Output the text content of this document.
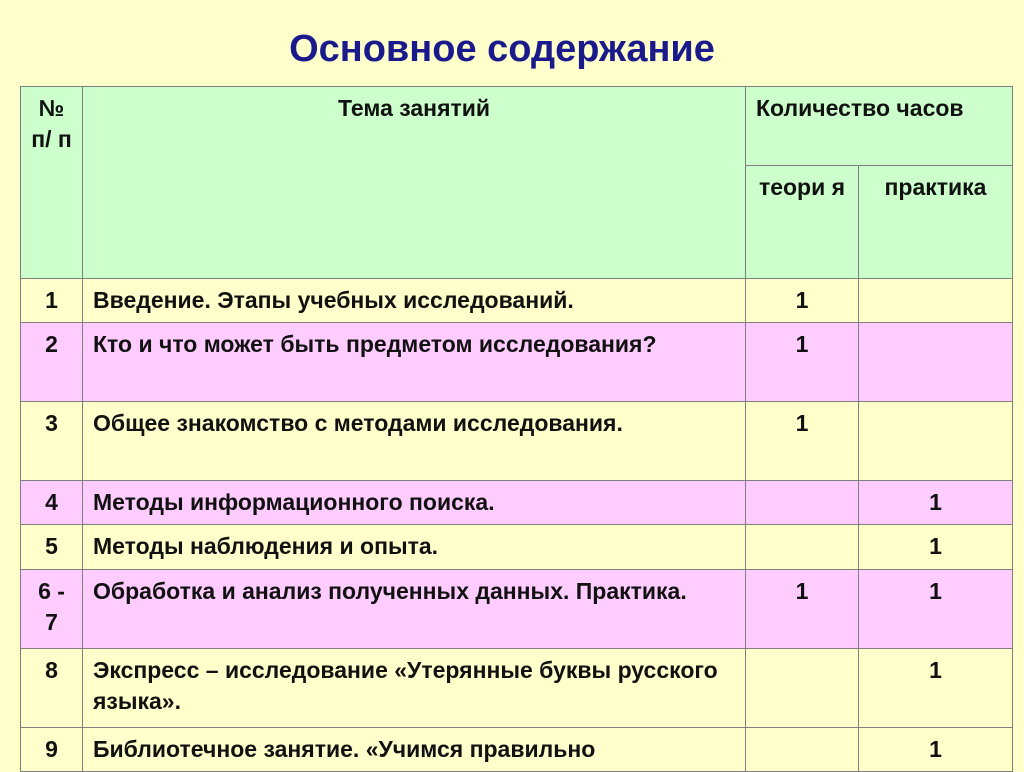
Основное содержание
№ п/ п	Тема занятий	Количество часов	
		теори я	практика
1	Введение. Этапы учебных исследований.	1	
2	Кто и что может быть предметом исследования?	1	
3	Общее знакомство с методами исследования.	1	
4	Методы информационного поиска.		1
5	Методы наблюдения и опыта.		1
6 - 7	Обработка и анализ полученных данных. Практика.	1	1
8	Экспресс – исследование «Утерянные буквы русского языка».		1
9	Библиотечное занятие. «Учимся правильно		1
